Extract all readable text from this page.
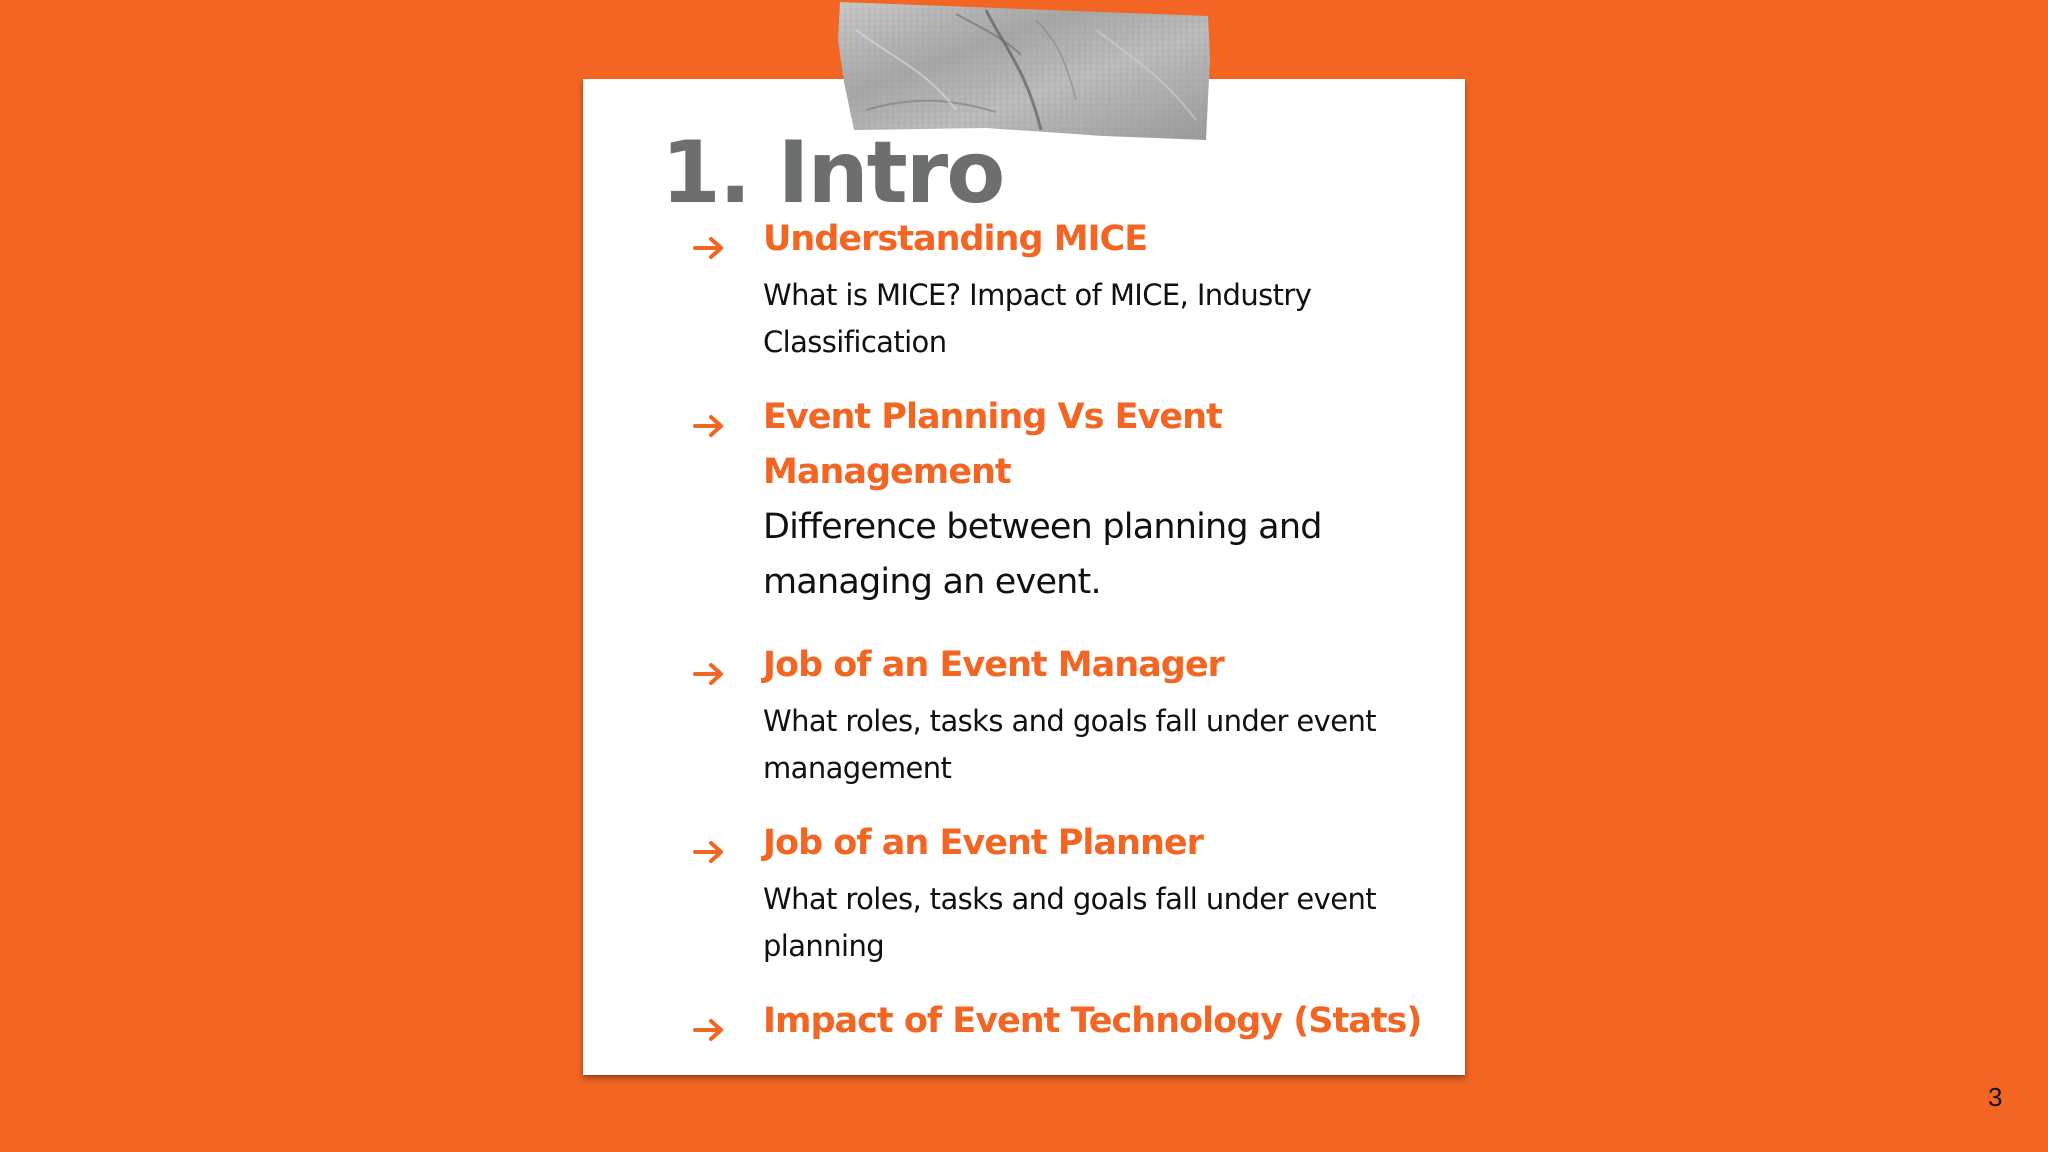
1. Intro

Understanding MICE

What is MICE? Impact of MICE, Industry Classification

Event Planning Vs Event Management

Difference between planning and managing an event.

Job of an Event Manager

What roles, tasks and goals fall under event management

Job of an Event Planner

What roles, tasks and goals fall under event planning

Impact of Event Technology (Stats)

3
